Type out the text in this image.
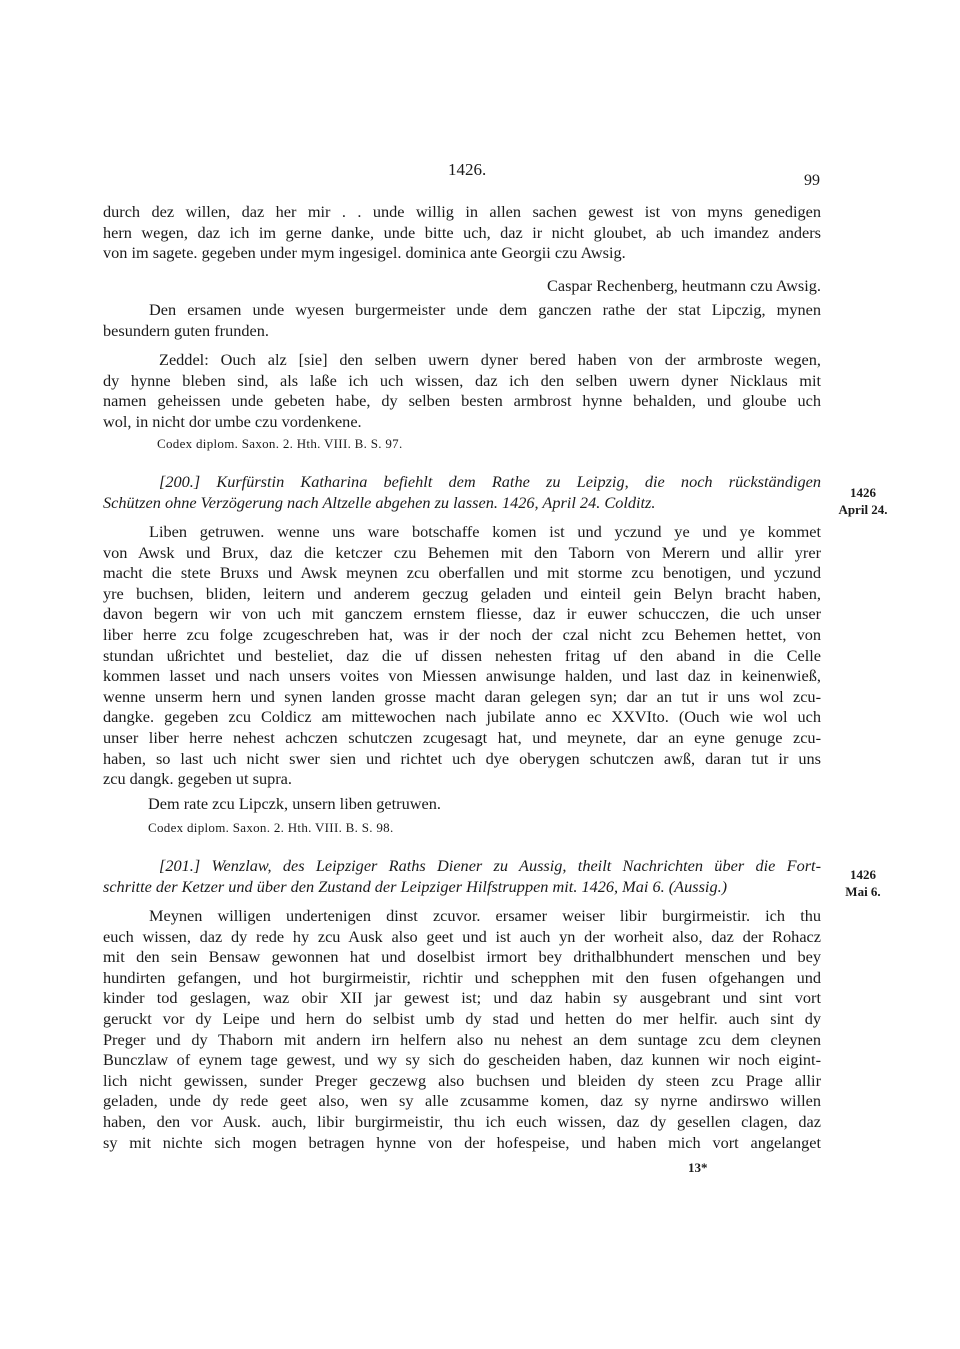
1426.
99
durch dez willen, daz her mir . . unde willig in allen sachen gewest ist von myns genedigen
hern wegen, daz ich im gerne danke, unde bitte uch, daz ir nicht gloubet, ab uch imandez anders
von im sagete. gegeben under mym ingesigel. dominica ante Georgii czu Awsig.
Caspar Rechenberg, heutmann czu Awsig.
Den ersamen unde wyesen burgermeister unde dem ganczen rathe der stat Lipczig, mynen
besundern guten frunden.
Zeddel: Ouch alz [sie] den selben uwern dyner bered haben von der armbroste wegen,
dy hynne bleben sind, als laße ich uch wissen, daz ich den selben uwern dyner Nicklaus mit
namen geheissen unde gebeten habe, dy selben besten armbrost hynne behalden, und gloube uch
wol, in nicht dor umbe czu vordenkene.
Codex diplom. Saxon. 2. Hth. VIII. B. S. 97.
[200.] Kurfürstin Katharina befiehlt dem Rathe zu Leipzig, die noch rückständigen
Schützen ohne Verzögerung nach Altzelle abgehen zu lassen. 1426, April 24. Colditz.
1426
April 24.
Liben getruwen. wenne uns ware botschaffe komen ist und yczund ye und ye kommet
von Awsk und Brux, daz die ketczer czu Behemen mit den Taborn von Merern und allir yrer
macht die stete Bruxs und Awsk meynen zcu oberfallen und mit storme zcu benotigen, und yczund
yre buchsen, bliden, leitern und anderem geczug geladen und einteil gein Belyn bracht haben,
davon begern wir von uch mit ganczem ernstem fliesse, daz ir euwer schucczen, die uch unser
liber herre zcu folge zcugeschreben hat, was ir der noch der czal nicht zcu Behemen hettet, von
stundan ußrichtet und besteliet, daz die uf dissen nehesten fritag uf den aband in die Celle
kommen lasset und nach unsers voites von Miessen anwisunge halden, und last daz in keinenwieß,
wenne unserm hern und synen landen grosse macht daran gelegen syn; dar an tut ir uns wol zcu-
dangke. gegeben zcu Coldicz am mittewochen nach jubilate anno ec XXVIto. (Ouch wie wol uch
unser liber herre nehest achczen schutczen zcugesagt hat, und meynete, dar an eyne genuge zcu-
haben, so last uch nicht swer sien und richtet uch dye oberygen schutczen awß, daran tut ir uns
zcu dangk. gegeben ut supra.
Dem rate zcu Lipczk, unsern liben getruwen.
Codex diplom. Saxon. 2. Hth. VIII. B. S. 98.
[201.] Wenzlaw, des Leipziger Raths Diener zu Aussig, theilt Nachrichten über die Fort-
schritte der Ketzer und über den Zustand der Leipziger Hilfstruppen mit. 1426, Mai 6. (Aussig.)
1426
Mai 6.
Meynen willigen undertenigen dinst zcuvor. ersamer weiser libir burgirmeistir. ich thu
euch wissen, daz dy rede hy zcu Ausk also geet und ist auch yn der worheit also, daz der Rohacz
mit den sein Bensaw gewonnen hat und doselbist irmort bey drithalbhundert menschen und bey
hundirten gefangen, und hot burgirmeistir, richtir und schepphen mit den fusen ofgehangen und
kinder tod geslagen, waz obir XII jar gewest ist; und daz habin sy ausgebrant und sint vort
geruckt vor dy Leipe und hern do selbist umb dy stad und hetten do mer helfir. auch sint dy
Preger und dy Thaborn mit andern irn helfern also nu nehest an dem suntage zcu dem cleynen
Bunczlaw of eynem tage gewest, und wy sy sich do gescheiden haben, daz kunnen wir noch eigint-
lich nicht gewissen, sunder Preger geczewg also buchsen und bleiden dy steen zcu Prage allir
geladen, unde dy rede geet also, wen sy alle zcusamme komen, daz sy nyrne andirswo willen
haben, den vor Ausk. auch, libir burgirmeistir, thu ich euch wissen, daz dy gesellen clagen, daz
sy mit nichte sich mogen betragen hynne von der hofespeise, und haben mich vort angelanget
13*
